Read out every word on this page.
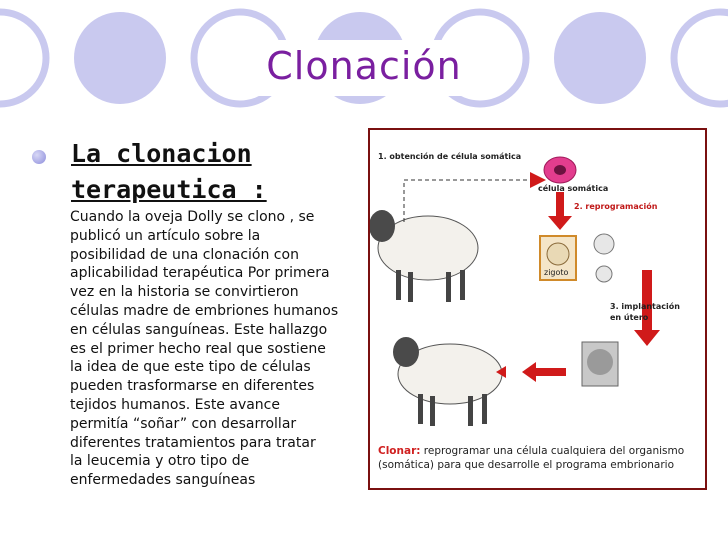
Clonación
La clonacion
terapeutica :
Cuando la oveja Dolly se clono , se
publicó un artículo sobre la
posibilidad de una clonación con
aplicabilidad terapéutica Por primera
vez en la historia se convirtieron
células madre de embriones humanos
en células sanguíneas. Este hallazgo
es el primer hecho real que sostiene
la idea de que este tipo de células
pueden trasformarse en diferentes
tejidos humanos. Este avance
permitía “soñar” con desarrollar
diferentes tratamientos para tratar
la leucemia y otro tipo de
enfermedades sanguíneas
1. obtención de célula somática
célula somática
2. reprogramación
zigoto
3. implantación
en útero
Clonar: reprogramar una célula cualquiera del organismo (somática) para que desarrolle el programa embrionario
